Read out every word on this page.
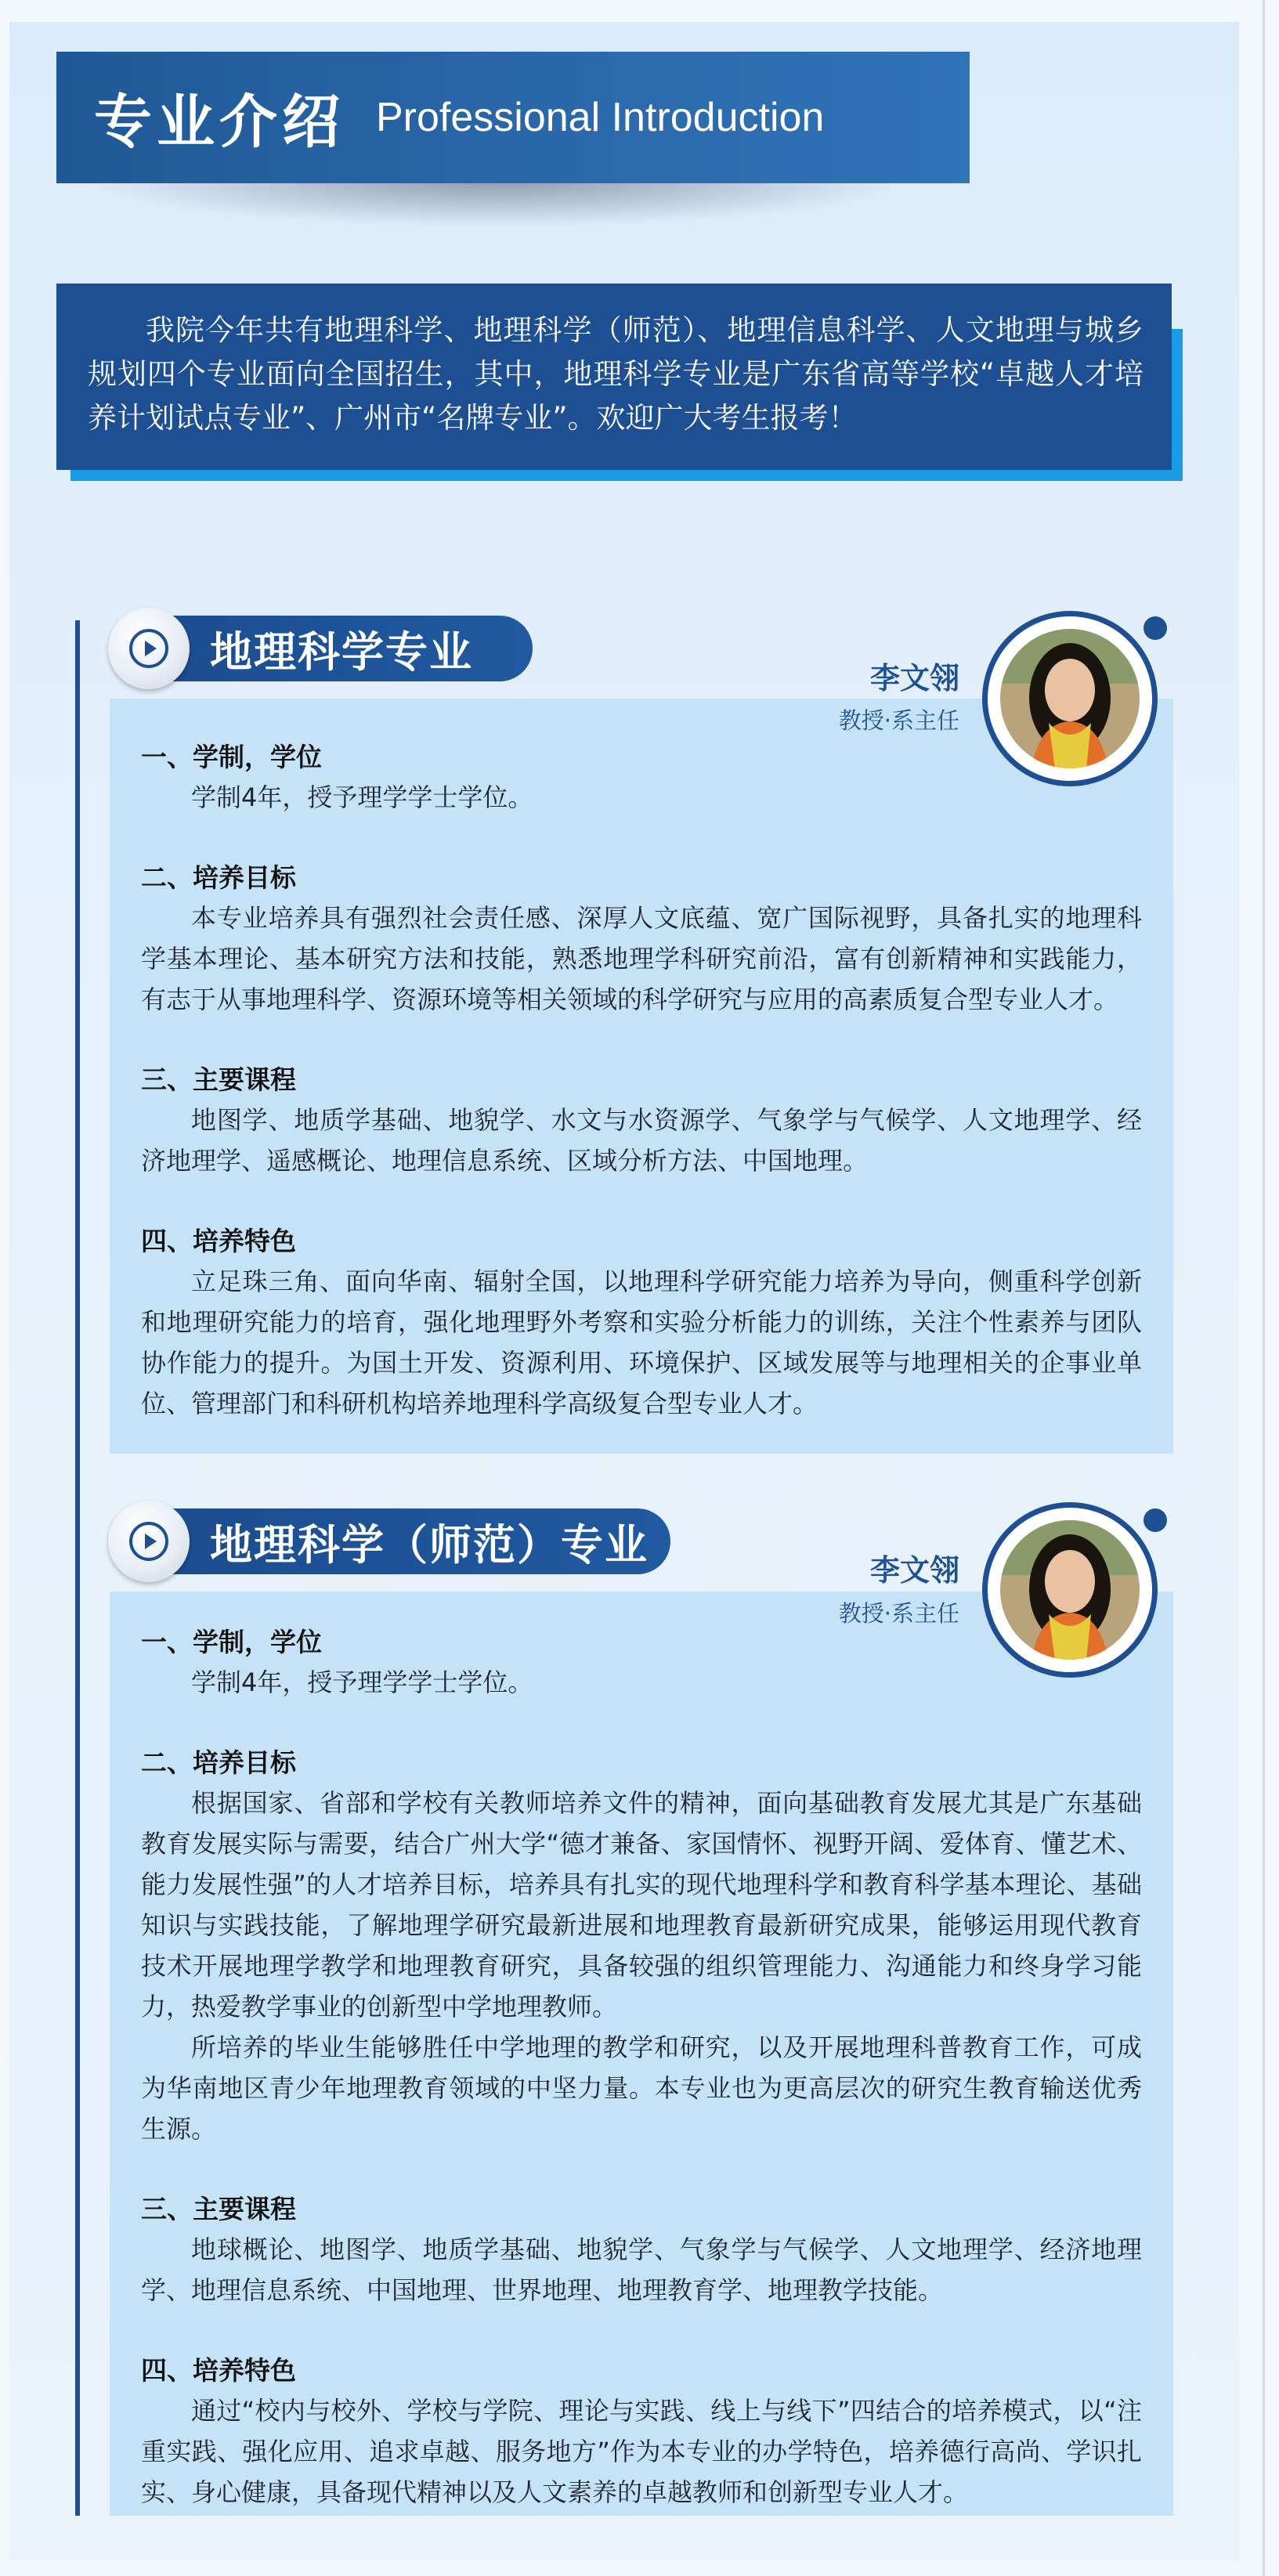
专业介绍 Professional Introduction
我院今年共有地理科学、地理科学（师范）、地理信息科学、人文地理与城乡规划四个专业面向全国招生，其中，地理科学专业是广东省高等学校“卓越人才培养计划试点专业”、广州市“名牌专业”。欢迎广大考生报考！
地理科学专业
一、学制，学位

学制4年，授予理学学士学位。

二、培养目标

本专业培养具有强烈社会责任感、深厚人文底蕴、宽广国际视野，具备扎实的地理科学基本理论、基本研究方法和技能，熟悉地理学科研究前沿，富有创新精神和实践能力，有志于从事地理科学、资源环境等相关领域的科学研究与应用的高素质复合型专业人才。

三、主要课程

地图学、地质学基础、地貌学、水文与水资源学、气象学与气候学、人文地理学、经济地理学、遥感概论、地理信息系统、区域分析方法、中国地理。

四、培养特色

立足珠三角、面向华南、辐射全国，以地理科学研究能力培养为导向，侧重科学创新和地理研究能力的培育，强化地理野外考察和实验分析能力的训练，关注个性素养与团队协作能力的提升。为国土开发、资源利用、环境保护、区域发展等与地理相关的企事业单位、管理部门和科研机构培养地理科学高级复合型专业人才。

李文翎
教授·系主任
地理科学（师范）专业
一、学制，学位

学制4年，授予理学学士学位。

二、培养目标

根据国家、省部和学校有关教师培养文件的精神，面向基础教育发展尤其是广东基础教育发展实际与需要，结合广州大学“德才兼备、家国情怀、视野开阔、爱体育、懂艺术、能力发展性强”的人才培养目标，培养具有扎实的现代地理科学和教育科学基本理论、基础知识与实践技能，了解地理学研究最新进展和地理教育最新研究成果，能够运用现代教育技术开展地理学教学和地理教育研究，具备较强的组织管理能力、沟通能力和终身学习能力，热爱教学事业的创新型中学地理教师。

所培养的毕业生能够胜任中学地理的教学和研究，以及开展地理科普教育工作，可成为华南地区青少年地理教育领域的中坚力量。本专业也为更高层次的研究生教育输送优秀生源。

三、主要课程

地球概论、地图学、地质学基础、地貌学、气象学与气候学、人文地理学、经济地理学、地理信息系统、中国地理、世界地理、地理教育学、地理教学技能。

四、培养特色

通过“校内与校外、学校与学院、理论与实践、线上与线下”四结合的培养模式，以“注重实践、强化应用、追求卓越、服务地方”作为本专业的办学特色，培养德行高尚、学识扎实、身心健康，具备现代精神以及人文素养的卓越教师和创新型专业人才。

李文翎
教授·系主任
